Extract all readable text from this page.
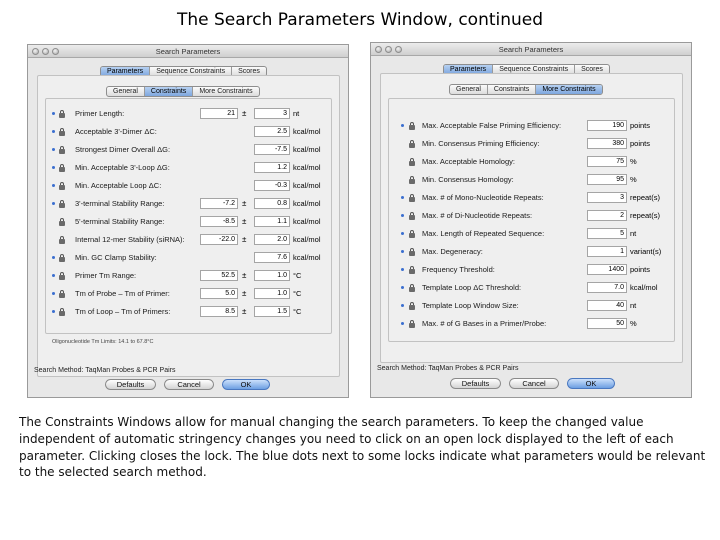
The Search Parameters Window, continued
Search Parameters
Parameters	Sequence Constraints	Scores
General	Constraints	More Constraints
Primer Length:	21 ±	3 nt
Acceptable 3'-Dimer ΔC:	2.5 kcal/mol
Strongest Dimer Overall ΔG:	-7.5 kcal/mol
Min. Acceptable 3'-Loop ΔG:	1.2 kcal/mol
Min. Acceptable Loop ΔC:	-0.3 kcal/mol
3'-terminal Stability Range:	-7.2 ±	0.8 kcal/mol
5'-terminal Stability Range:	-8.5 ±	1.1 kcal/mol
Internal 12-mer Stability (siRNA):	-22.0 ±	2.0 kcal/mol
Min. GC Clamp Stability:	7.6 kcal/mol
Primer Tm Range:	52.5 ±	1.0 °C
Tm of Probe – Tm of Primer:	5.0 ±	1.0 °C
Tm of Loop – Tm of Primers:	8.5 ±	1.5 °C
Oligonucleotide Tm Limits: 14.1 to 67.8°C
Search Method: TaqMan Probes & PCR Pairs
Defaults	Cancel	OK
Search Parameters
Parameters	Sequence Constraints	Scores
General	Constraints	More Constraints
Max. Acceptable False Priming Efficiency:	190 points
Min. Consensus Priming Efficiency:	380 points
Max. Acceptable Homology:	75 %
Min. Consensus Homology:	95 %
Max. # of Mono-Nucleotide Repeats:	3 repeat(s)
Max. # of Di-Nucleotide Repeats:	2 repeat(s)
Max. Length of Repeated Sequence:	5 nt
Max. Degeneracy:	1 variant(s)
Frequency Threshold:	1400 points
Template Loop ΔC Threshold:	7.0 kcal/mol
Template Loop Window Size:	40 nt
Max. # of G Bases in a Primer/Probe:	50 %
Search Method: TaqMan Probes & PCR Pairs
Defaults	Cancel	OK
The Constraints Windows allow for manual changing the search parameters. To keep the changed value independent of automatic stringency changes you need to click on an open lock displayed to the left of each parameter. Clicking closes the lock. The blue dots next to some locks indicate what parameters would be relevant to the selected search method.
